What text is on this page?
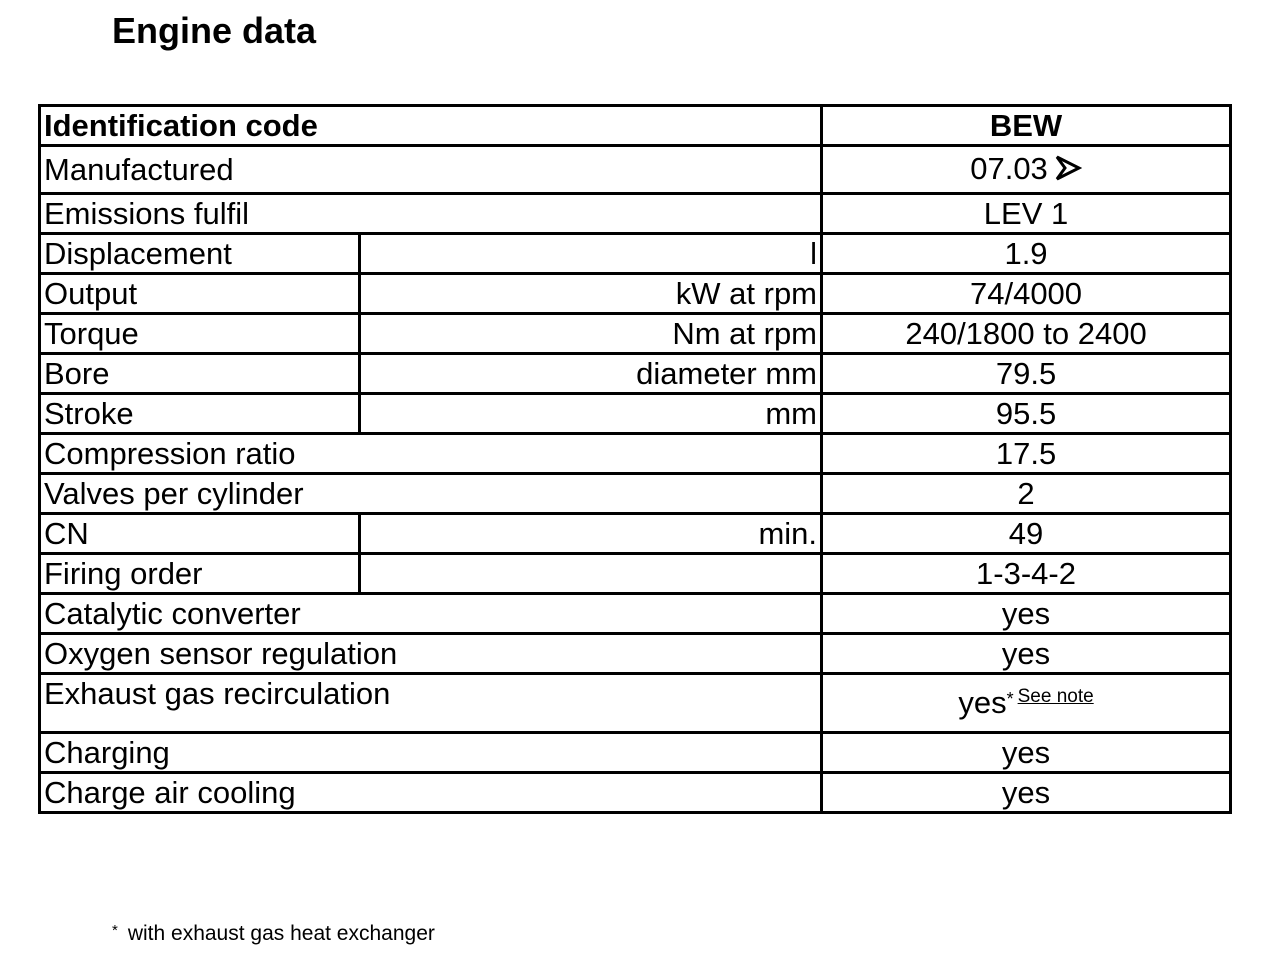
Engine data
Identification code		BEW
Manufactured		07.03
Emissions fulfil		LEV 1
Displacement	l	1.9
Output	kW at rpm	74/4000
Torque	Nm at rpm	240/1800 to 2400
Bore	diameter mm	79.5
Stroke	mm	95.5
Compression ratio		17.5
Valves per cylinder		2
CN	min.	49
Firing order		1-3-4-2
Catalytic converter		yes
Oxygen sensor regulation		yes
Exhaust gas recirculation		yes* $^{See note}$
Charging		yes
Charge air cooling		yes
* with exhaust gas heat exchanger
